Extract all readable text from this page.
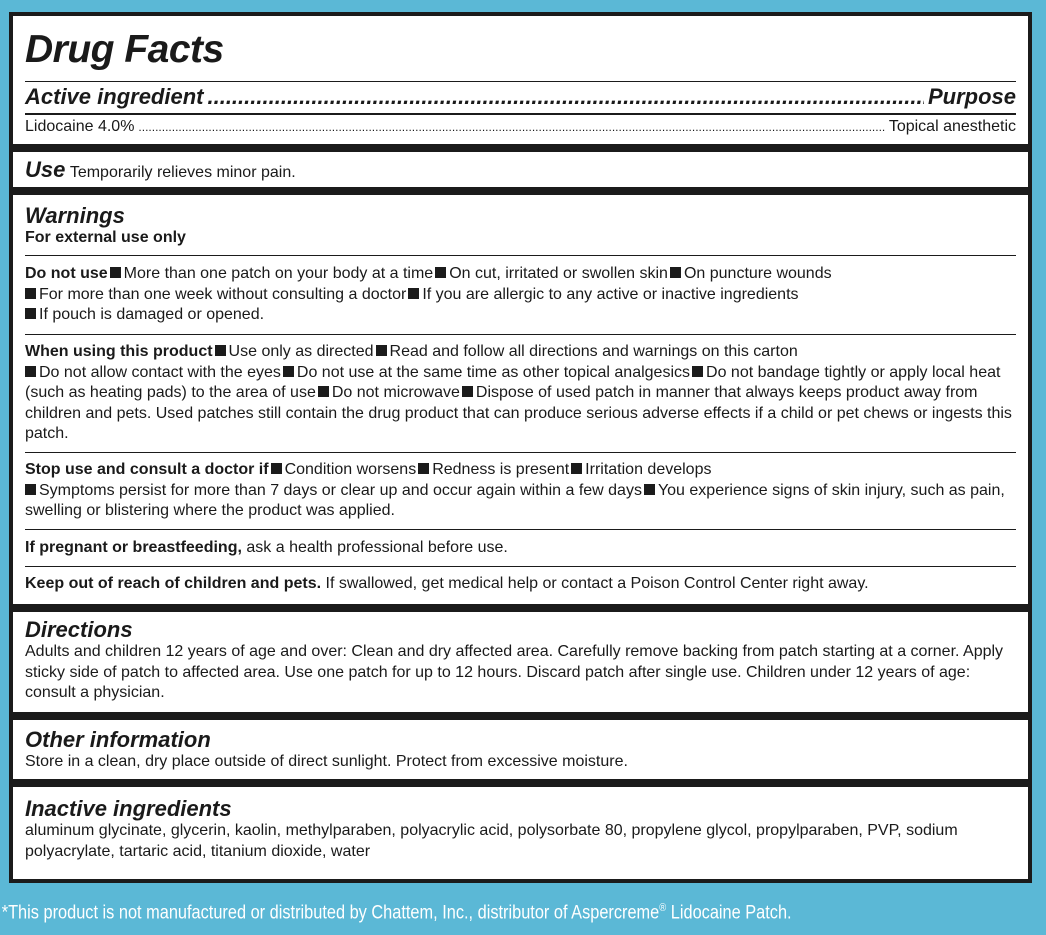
Drug Facts
Active ingredient .....	Purpose
Lidocaine 4.0% .....	Topical anesthetic
Use Temporarily relieves minor pain.
Warnings
For external use only
Do not use More than one patch on your body at a time On cut, irritated or swollen skin On puncture wounds
For more than one week without consulting a doctor If you are allergic to any active or inactive ingredients
If pouch is damaged or opened.
When using this product Use only as directed Read and follow all directions and warnings on this carton
Do not allow contact with the eyes Do not use at the same time as other topical analgesics Do not bandage tightly or apply local heat (such as heating pads) to the area of use Do not microwave Dispose of used patch in manner that always keeps product away from children and pets. Used patches still contain the drug product that can produce serious adverse effects if a child or pet chews or ingests this patch.
Stop use and consult a doctor if Condition worsens Redness is present Irritation develops
Symptoms persist for more than 7 days or clear up and occur again within a few days You experience signs of skin injury, such as pain, swelling or blistering where the product was applied.
If pregnant or breastfeeding, ask a health professional before use.
Keep out of reach of children and pets. If swallowed, get medical help or contact a Poison Control Center right away.
Directions
Adults and children 12 years of age and over: Clean and dry affected area. Carefully remove backing from patch starting at a corner. Apply sticky side of patch to affected area. Use one patch for up to 12 hours. Discard patch after single use. Children under 12 years of age: consult a physician.
Other information
Store in a clean, dry place outside of direct sunlight. Protect from excessive moisture.
Inactive ingredients
aluminum glycinate, glycerin, kaolin, methylparaben, polyacrylic acid, polysorbate 80, propylene glycol, propylparaben, PVP, sodium polyacrylate, tartaric acid, titanium dioxide, water
*This product is not manufactured or distributed by Chattem, Inc., distributor of Aspercreme® Lidocaine Patch.
